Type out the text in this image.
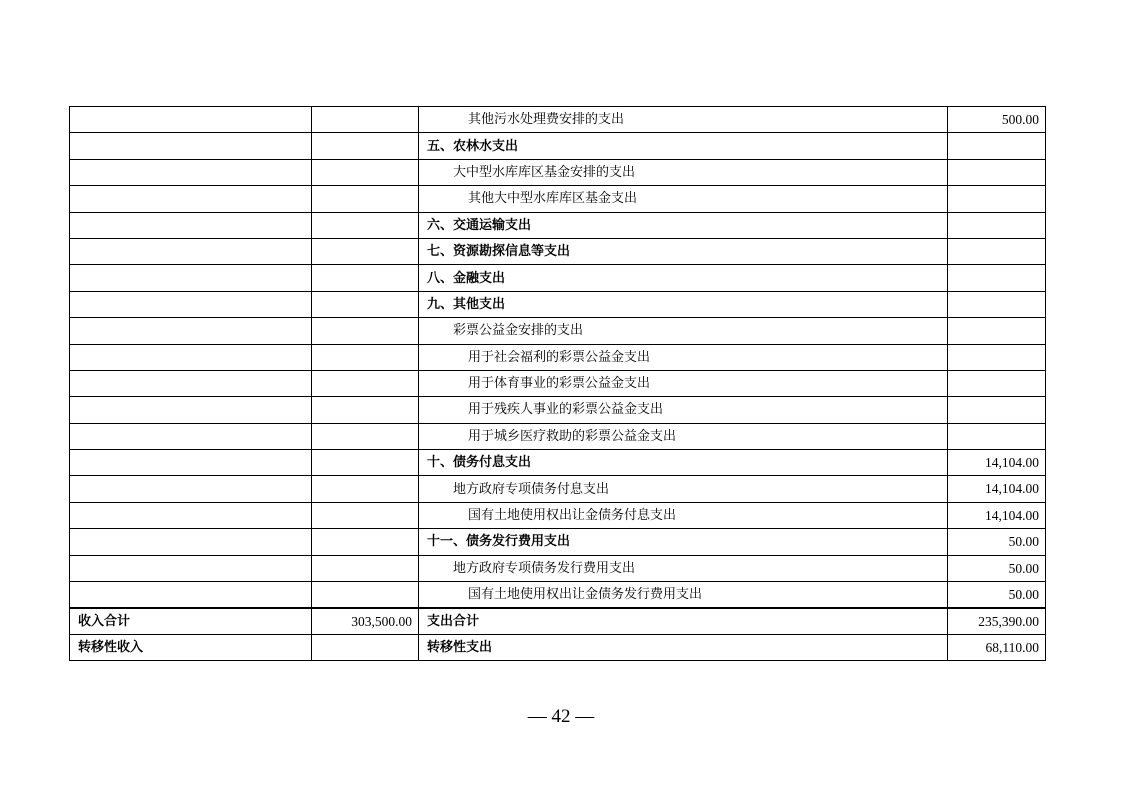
		其他污水处理费安排的支出	500.00
		五、农林水支出	
		大中型水库库区基金安排的支出	
		其他大中型水库库区基金支出	
		六、交通运输支出	
		七、资源勘探信息等支出	
		八、金融支出	
		九、其他支出	
		彩票公益金安排的支出	
		用于社会福利的彩票公益金支出	
		用于体育事业的彩票公益金支出	
		用于残疾人事业的彩票公益金支出	
		用于城乡医疗救助的彩票公益金支出	
		十、债务付息支出	14,104.00
		地方政府专项债务付息支出	14,104.00
		国有土地使用权出让金债务付息支出	14,104.00
		十一、债务发行费用支出	50.00
		地方政府专项债务发行费用支出	50.00
		国有土地使用权出让金债务发行费用支出	50.00
收入合计	303,500.00	支出合计	235,390.00
转移性收入		转移性支出	68,110.00
— 42 —
